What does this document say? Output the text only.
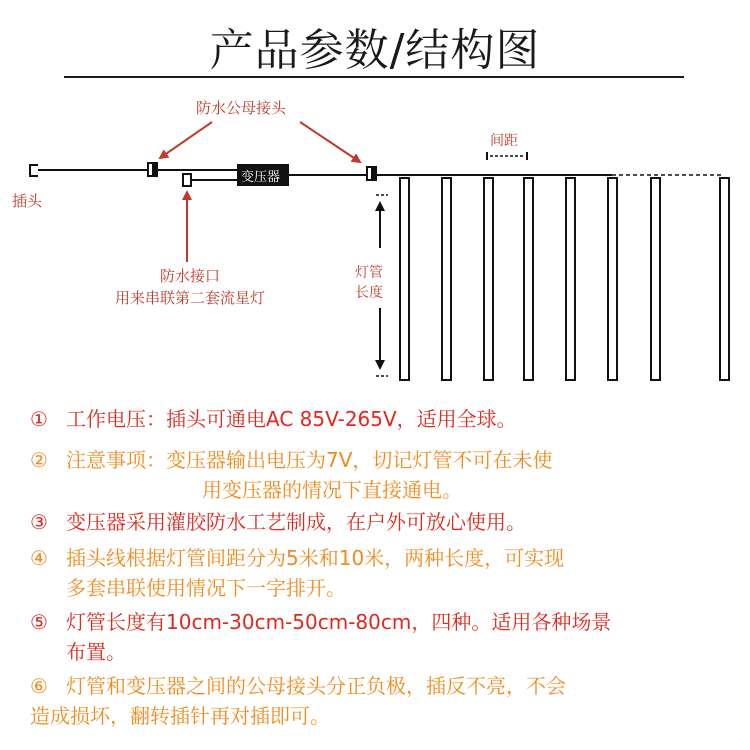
产品参数/结构图
变压器
插头
防水公母接头
间距
灯管
长度
防水接口
用来串联第二套流星灯
① 工作电压：插头可通电AC 85V-265V，适用全球。
② 注意事项：变压器输出电压为7V，切记灯管不可在未使
用变压器的情况下直接通电。
③ 变压器采用灌胶防水工艺制成，在户外可放心使用。
④ 插头线根据灯管间距分为5米和10米，两种长度，可实现
多套串联使用情况下一字排开。
⑤ 灯管长度有10cm-30cm-50cm-80cm，四种。适用各种场景
布置。
⑥ 灯管和变压器之间的公母接头分正负极，插反不亮，不会
造成损坏，翻转插针再对插即可。
